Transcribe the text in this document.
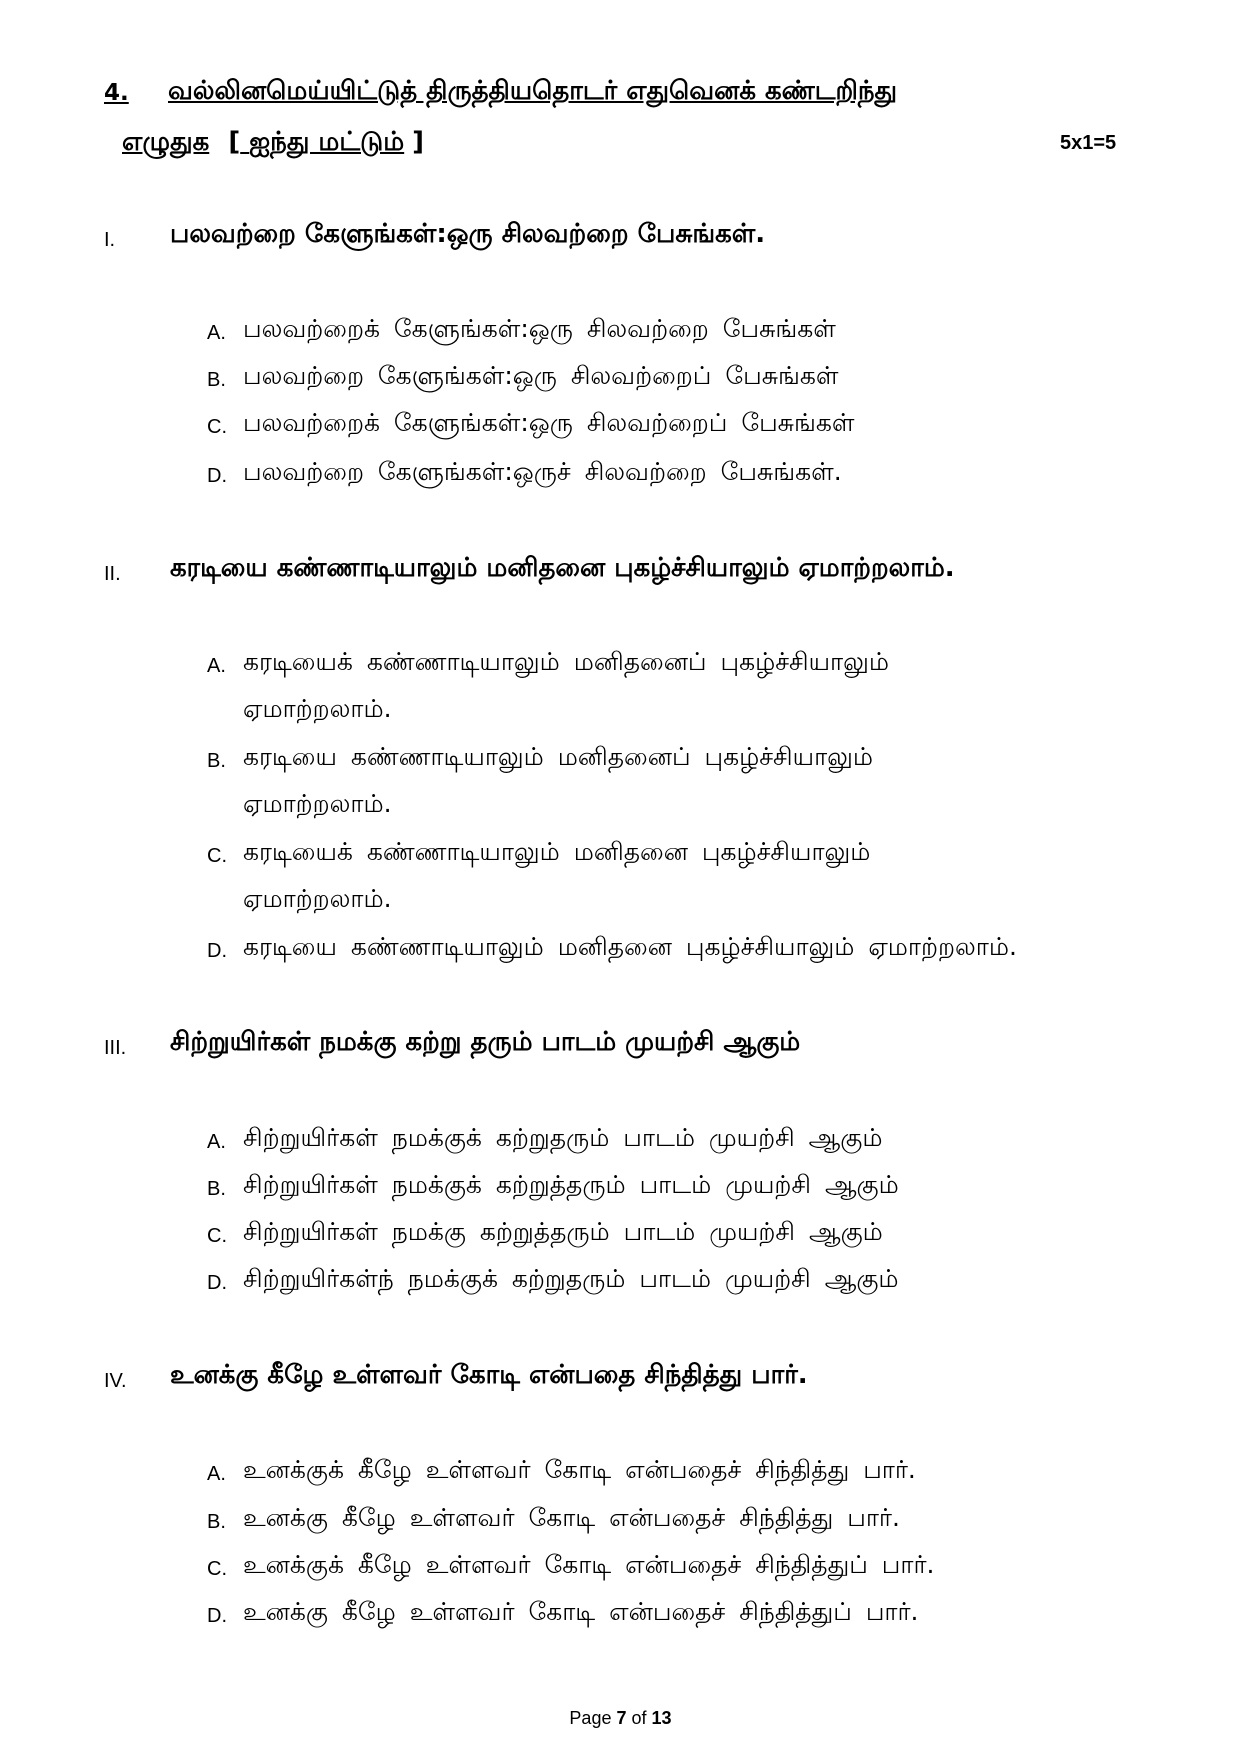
4. வல்லினமெய்யிட்டுத் திருத்தியதொடர் எதுவெனக் கண்டறிந்து
எழுதுக [ ஐந்து மட்டும் ]	5x1=5
I. பலவற்றை கேளுங்கள்:ஒரு சிலவற்றை பேசுங்கள்.
A. பலவற்றைக் கேளுங்கள்:ஒரு சிலவற்றை பேசுங்கள்
B. பலவற்றை கேளுங்கள்:ஒரு சிலவற்றைப் பேசுங்கள்
C. பலவற்றைக் கேளுங்கள்:ஒரு சிலவற்றைப் பேசுங்கள்
D. பலவற்றை கேளுங்கள்:ஒருச் சிலவற்றை பேசுங்கள்.
II. கரடியை கண்ணாடியாலும் மனிதனை புகழ்ச்சியாலும் ஏமாற்றலாம்.
A. கரடியைக் கண்ணாடியாலும் மனிதனைப் புகழ்ச்சியாலும்
ஏமாற்றலாம்.
B. கரடியை கண்ணாடியாலும் மனிதனைப் புகழ்ச்சியாலும்
ஏமாற்றலாம்.
C. கரடியைக் கண்ணாடியாலும் மனிதனை புகழ்ச்சியாலும்
ஏமாற்றலாம்.
D. கரடியை கண்ணாடியாலும் மனிதனை புகழ்ச்சியாலும் ஏமாற்றலாம்.
III. சிற்றுயிர்கள் நமக்கு கற்று தரும் பாடம் முயற்சி ஆகும்
A. சிற்றுயிர்கள் நமக்குக் கற்றுதரும் பாடம் முயற்சி ஆகும்
B. சிற்றுயிர்கள் நமக்குக் கற்றுத்தரும் பாடம் முயற்சி ஆகும்
C. சிற்றுயிர்கள் நமக்கு கற்றுத்தரும் பாடம் முயற்சி ஆகும்
D. சிற்றுயிர்கள்ந் நமக்குக் கற்றுதரும் பாடம் முயற்சி ஆகும்
IV. உனக்கு கீழே உள்ளவர் கோடி என்பதை சிந்தித்து பார்.
A. உனக்குக் கீழே உள்ளவர் கோடி என்பதைச் சிந்தித்து பார்.
B. உனக்கு கீழே உள்ளவர் கோடி என்பதைச் சிந்தித்து பார்.
C. உனக்குக் கீழே உள்ளவர் கோடி என்பதைச் சிந்தித்துப் பார்.
D. உனக்கு கீழே உள்ளவர் கோடி என்பதைச் சிந்தித்துப் பார்.
Page 7 of 13
